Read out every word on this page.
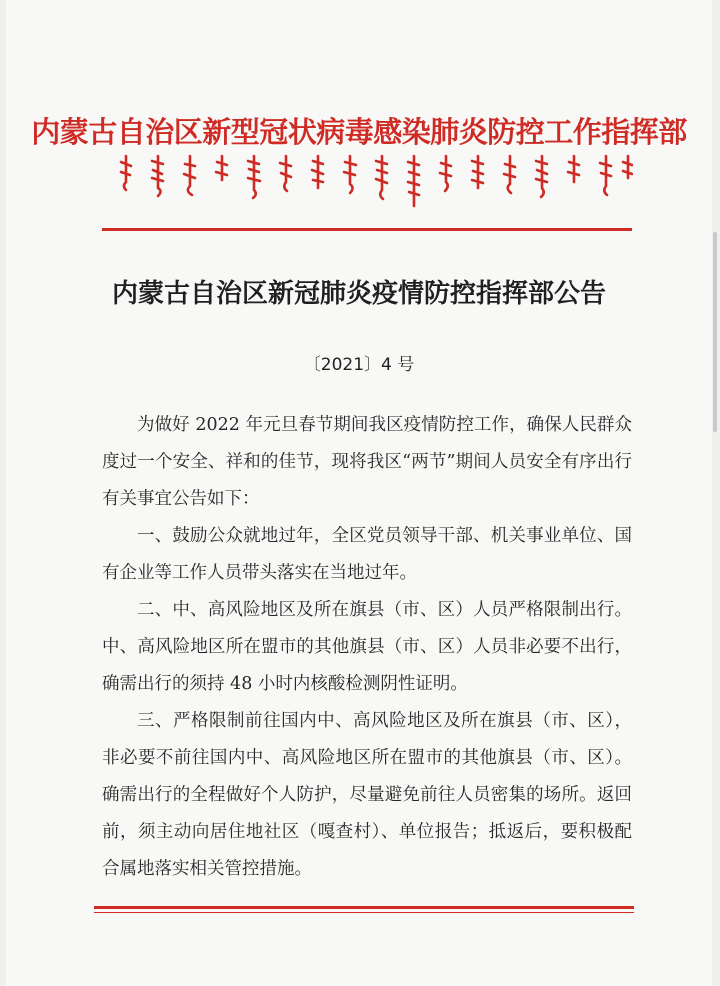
内蒙古自治区新型冠状病毒感染肺炎防控工作指挥部
内蒙古自治区新冠肺炎疫情防控指挥部公告
〔2021〕4 号

为做好 2022 年元旦春节期间我区疫情防控工作，确保人民群众度过一个安全、祥和的佳节，现将我区“两节”期间人员安全有序出行有关事宜公告如下：

一、鼓励公众就地过年，全区党员领导干部、机关事业单位、国有企业等工作人员带头落实在当地过年。

二、中、高风险地区及所在旗县（市、区）人员严格限制出行。中、高风险地区所在盟市的其他旗县（市、区）人员非必要不出行，确需出行的须持 48 小时内核酸检测阴性证明。

三、严格限制前往国内中、高风险地区及所在旗县（市、区），非必要不前往国内中、高风险地区所在盟市的其他旗县（市、区）。确需出行的全程做好个人防护，尽量避免前往人员密集的场所。返回前，须主动向居住地社区（嘎查村）、单位报告；抵返后，要积极配合属地落实相关管控措施。
